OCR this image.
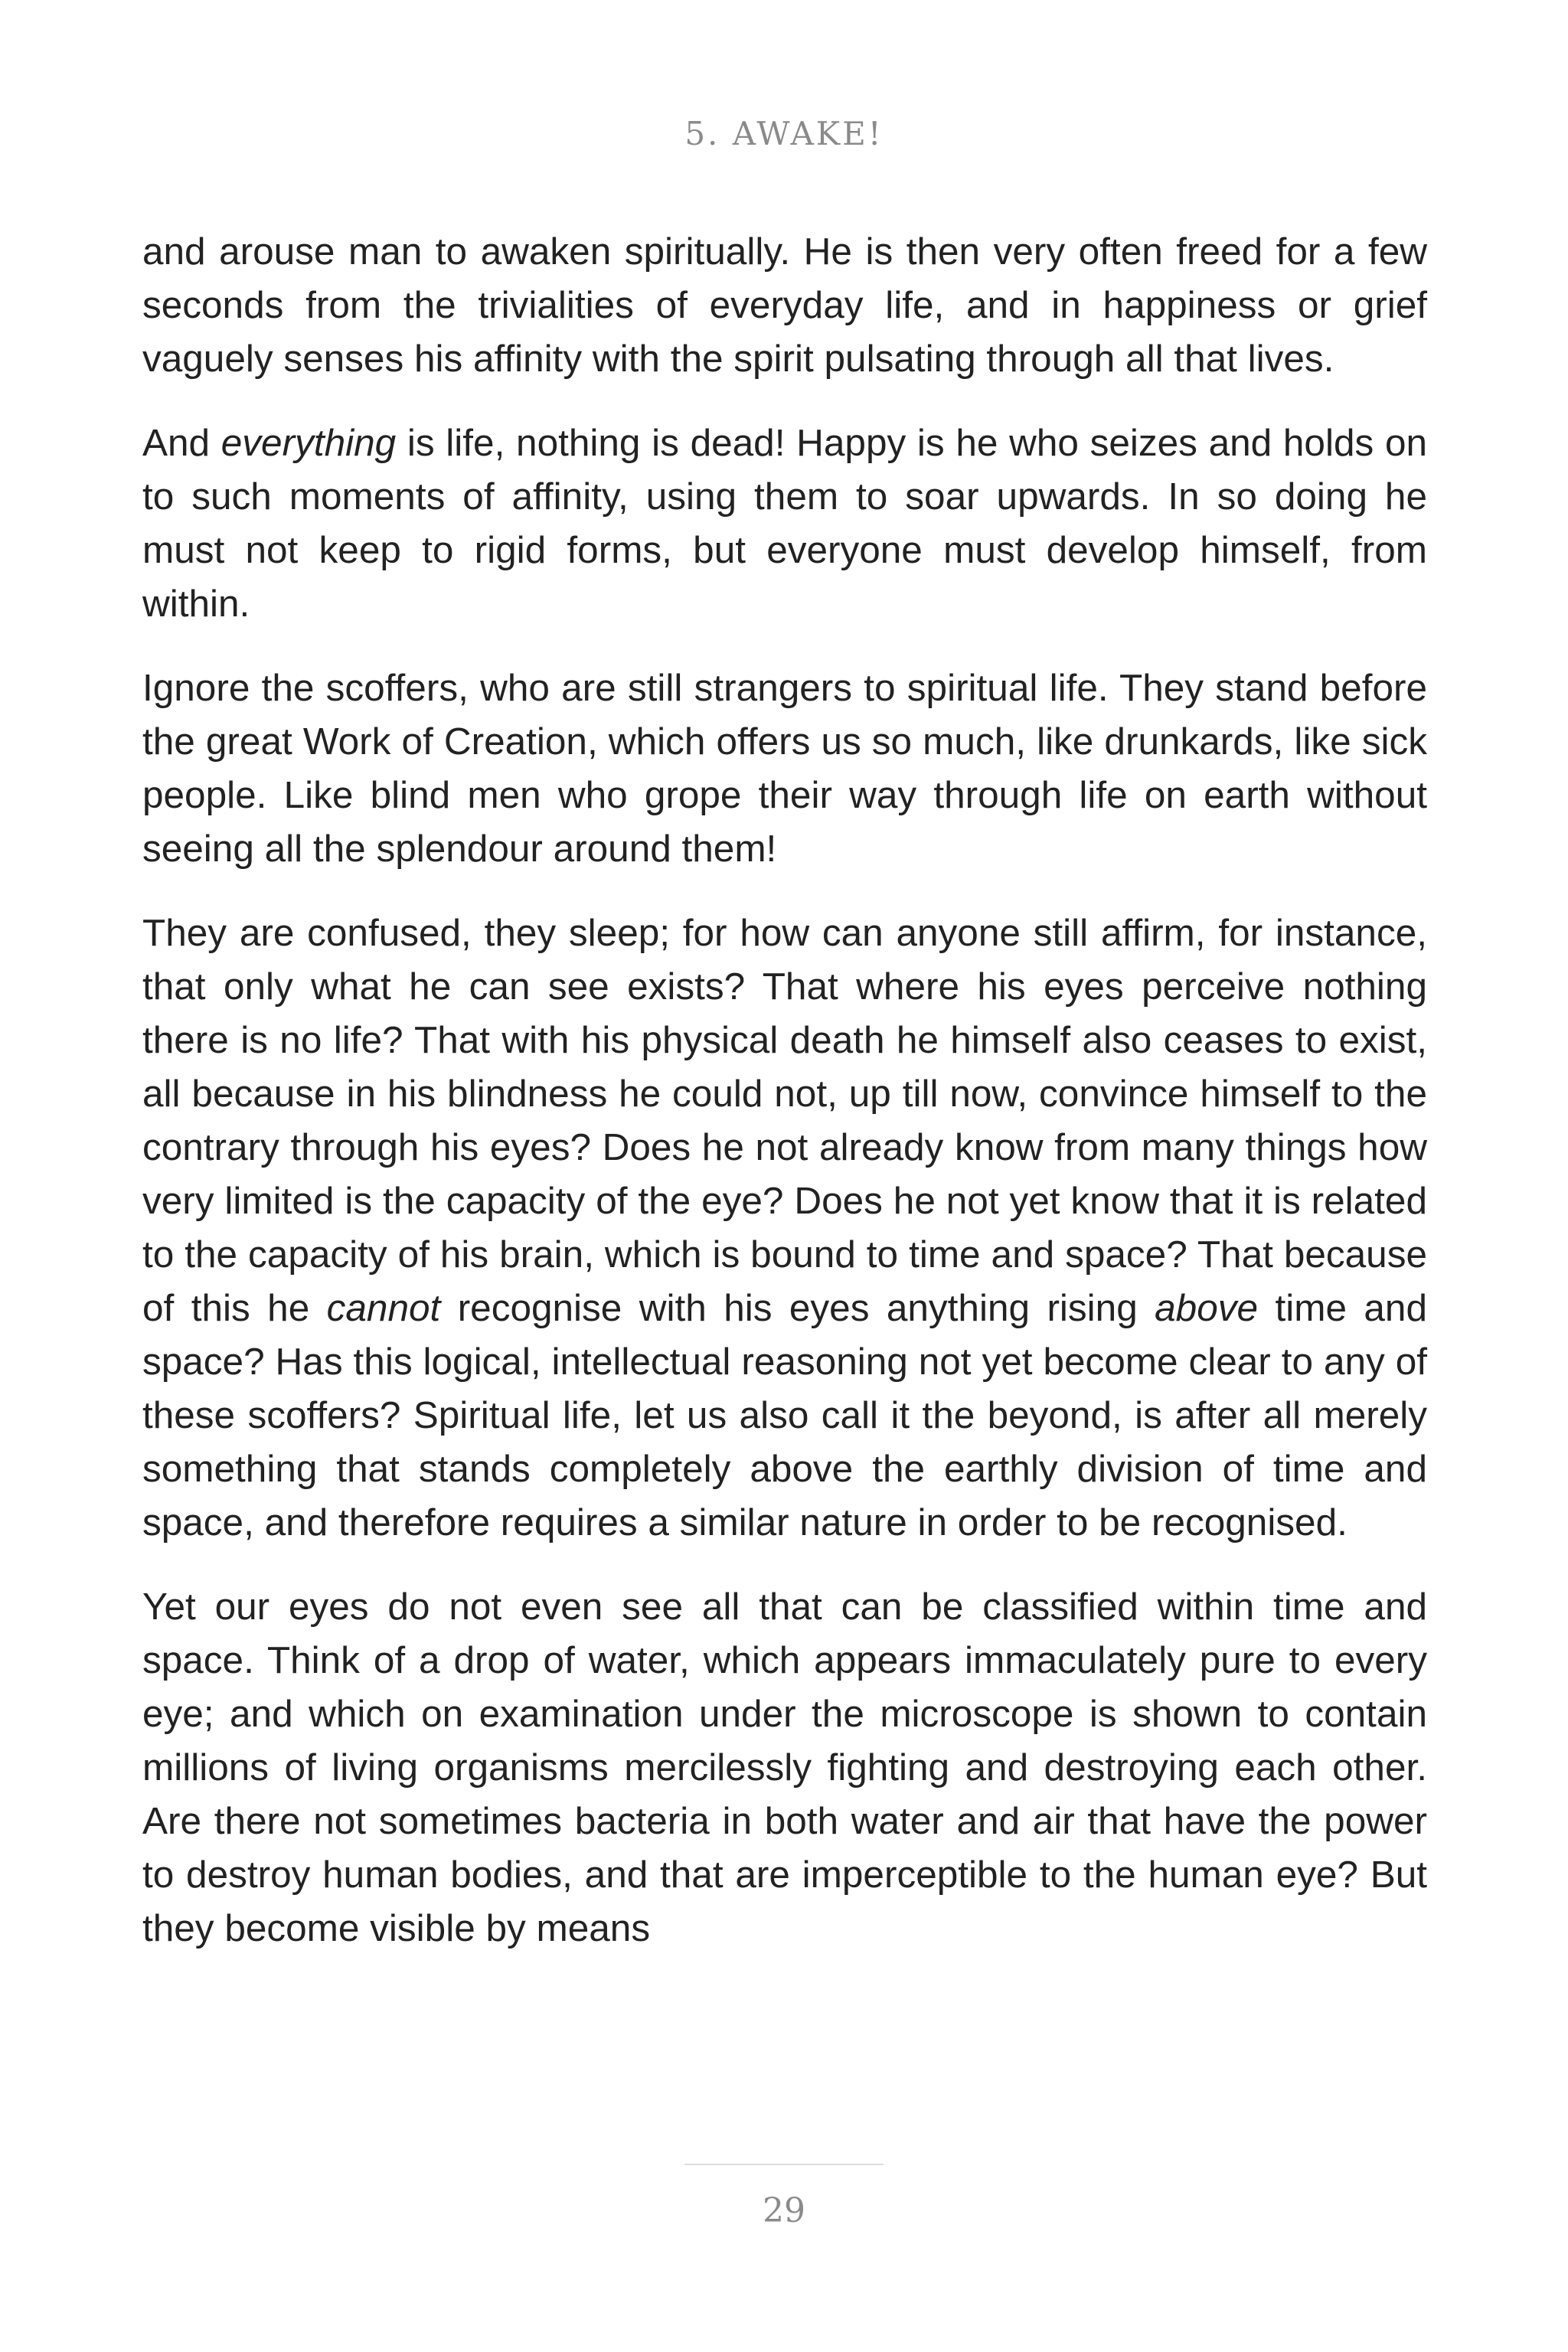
5. AWAKE!

and arouse man to awaken spiritually. He is then very often freed for a few seconds from the trivialities of everyday life, and in happiness or grief vaguely senses his affinity with the spirit pulsating through all that lives.

And everything is life, nothing is dead! Happy is he who seizes and holds on to such moments of affinity, using them to soar upwards. In so doing he must not keep to rigid forms, but everyone must develop himself, from within.

Ignore the scoffers, who are still strangers to spiritual life. They stand before the great Work of Creation, which offers us so much, like drunkards, like sick people. Like blind men who grope their way through life on earth without seeing all the splendour around them!

They are confused, they sleep; for how can anyone still affirm, for instance, that only what he can see exists? That where his eyes perceive nothing there is no life? That with his physical death he himself also ceases to exist, all because in his blindness he could not, up till now, convince himself to the contrary through his eyes? Does he not already know from many things how very limited is the capacity of the eye? Does he not yet know that it is related to the capacity of his brain, which is bound to time and space? That because of this he cannot recognise with his eyes anything rising above time and space? Has this logical, intellectual reasoning not yet become clear to any of these scoffers? Spiritual life, let us also call it the beyond, is after all merely something that stands completely above the earthly division of time and space, and therefore requires a similar nature in order to be recognised.

Yet our eyes do not even see all that can be classified within time and space. Think of a drop of water, which appears immaculately pure to every eye; and which on examination under the microscope is shown to contain millions of living organisms mercilessly fighting and destroying each other. Are there not sometimes bacteria in both water and air that have the power to destroy human bodies, and that are imperceptible to the human eye? But they become visible by means

29
